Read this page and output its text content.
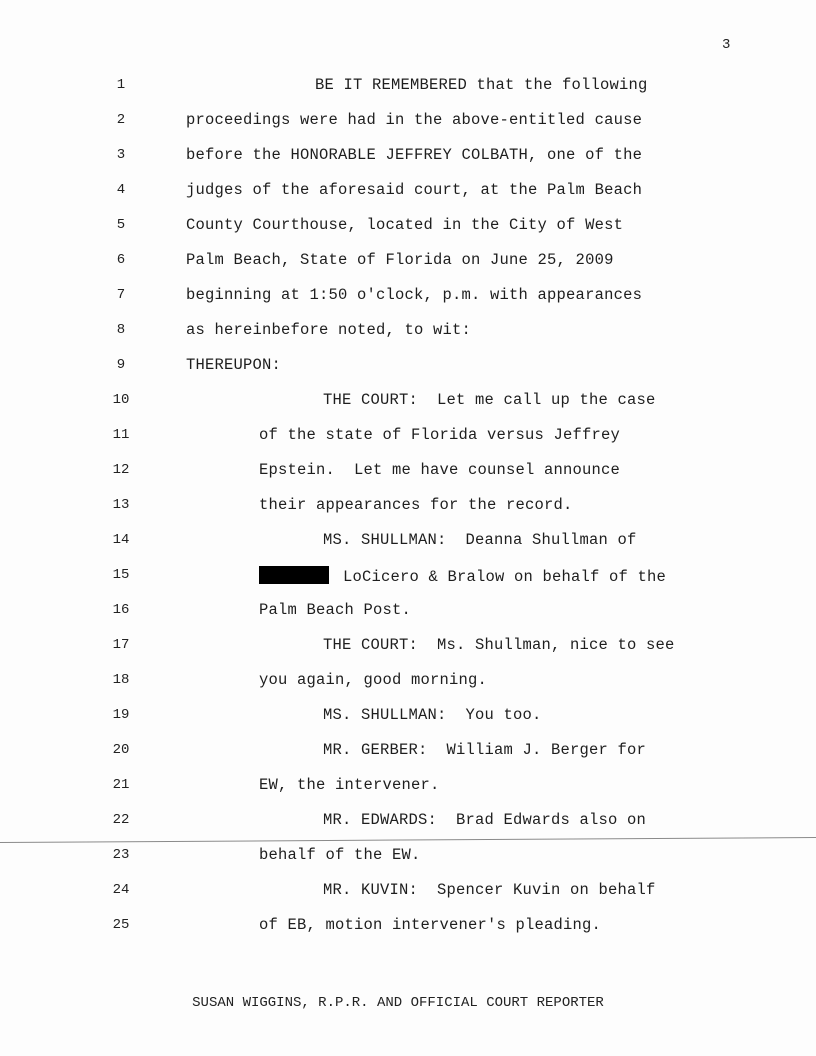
3
1	BE IT REMEMBERED that the following
2	proceedings were had in the above-entitled cause
3	before the HONORABLE JEFFREY COLBATH, one of the
4	judges of the aforesaid court, at the Palm Beach
5	County Courthouse, located in the City of West
6	Palm Beach, State of Florida on June 25, 2009
7	beginning at 1:50 o'clock, p.m. with appearances
8	as hereinbefore noted, to wit:
9	THEREUPON:
10	THE COURT:  Let me call up the case
11	of the state of Florida versus Jeffrey
12	Epstein.  Let me have counsel announce
13	their appearances for the record.
14	MS. SHULLMAN:  Deanna Shullman of
15	LoCicero & Bralow on behalf of the
16	Palm Beach Post.
17	THE COURT:  Ms. Shullman, nice to see
18	you again, good morning.
19	MS. SHULLMAN:  You too.
20	MR. GERBER:  William J. Berger for
21	EW, the intervener.
22	MR. EDWARDS:  Brad Edwards also on
23	behalf of the EW.
24	MR. KUVIN:  Spencer Kuvin on behalf
25	of EB, motion intervener's pleading.
SUSAN WIGGINS, R.P.R. AND OFFICIAL COURT REPORTER
